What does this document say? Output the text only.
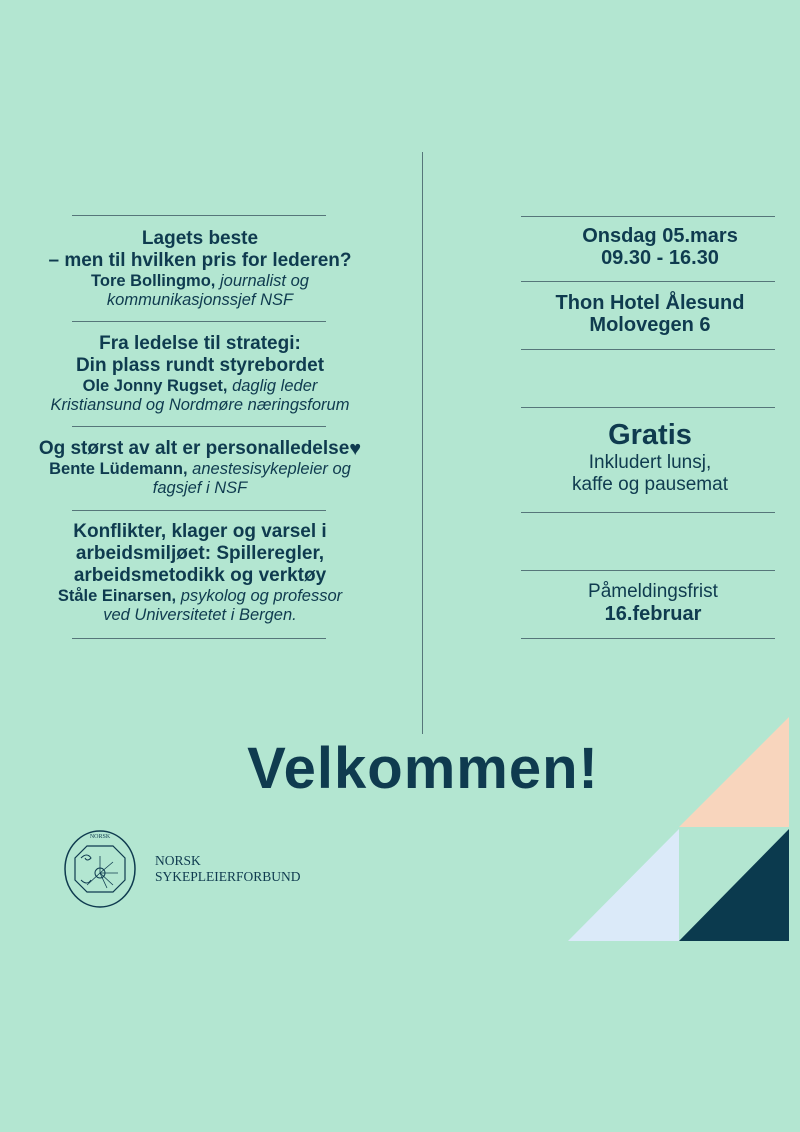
Lagets beste
– men til hvilken pris for lederen?
Tore Bollingmo, journalist og
kommunikasjonssjef NSF
Fra ledelse til strategi:
Din plass rundt styrebordet
Ole Jonny Rugset, daglig leder
Kristiansund og Nordmøre næringsforum
Og størst av alt er personalledelse♥
Bente Lüdemann, anestesisykepleier og
fagsjef i NSF
Konflikter, klager og varsel i
arbeidsmiljøet: Spilleregler,
arbeidsmetodikk og verktøy
Ståle Einarsen, psykolog og professor
ved Universitetet i Bergen.
Onsdag 05.mars
09.30 - 16.30
Thon Hotel Ålesund
Molovegen 6
Gratis
Inkludert lunsj,
kaffe og pausemat
Påmeldingsfrist
16.februar
Velkommen!
NORSK
NORSK
SYKEPLEIERFORBUND
